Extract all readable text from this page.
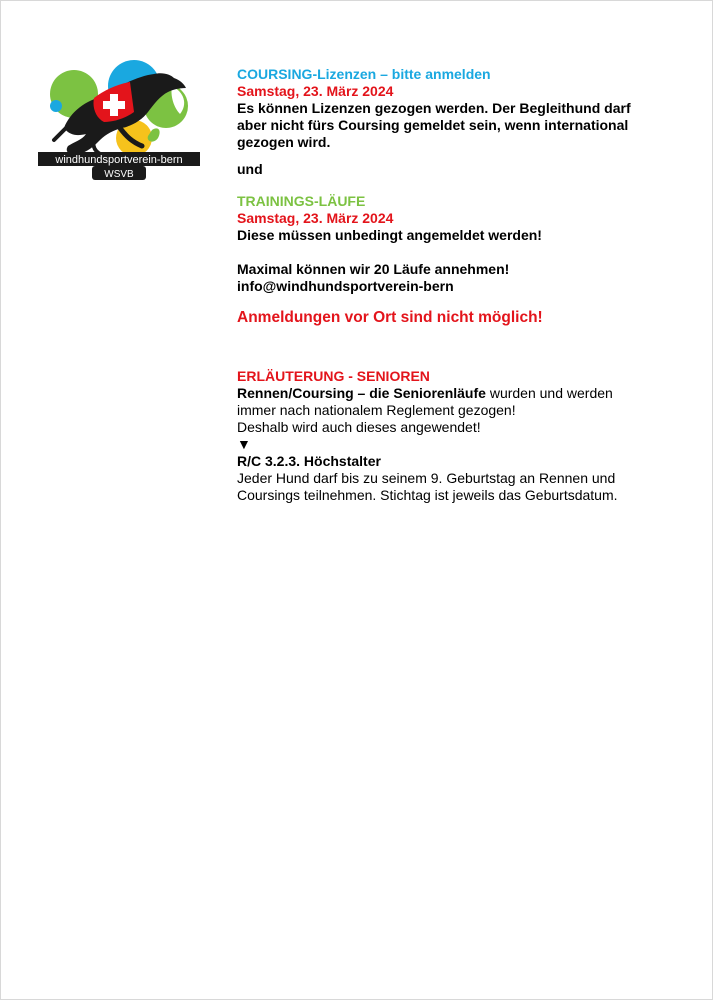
windhundsportverein-bern
WSVB
COURSING-Lizenzen – bitte anmelden
Samstag, 23. März 2024
Es können Lizenzen gezogen werden. Der Begleithund darf
aber nicht fürs Coursing gemeldet sein, wenn international
gezogen wird.
und
TRAININGS-LÄUFE
Samstag, 23. März 2024
Diese müssen unbedingt angemeldet werden!
Maximal können wir 20 Läufe annehmen!
info@windhundsportverein-bern
Anmeldungen vor Ort sind nicht möglich!
ERLÄUTERUNG - SENIOREN
Rennen/Coursing – die Seniorenläufe wurden und werden
immer nach nationalem Reglement gezogen!
Deshalb wird auch dieses angewendet!
▼
R/C 3.2.3. Höchstalter
Jeder Hund darf bis zu seinem 9. Geburtstag an Rennen und
Coursings teilnehmen. Stichtag ist jeweils das Geburtsdatum.
